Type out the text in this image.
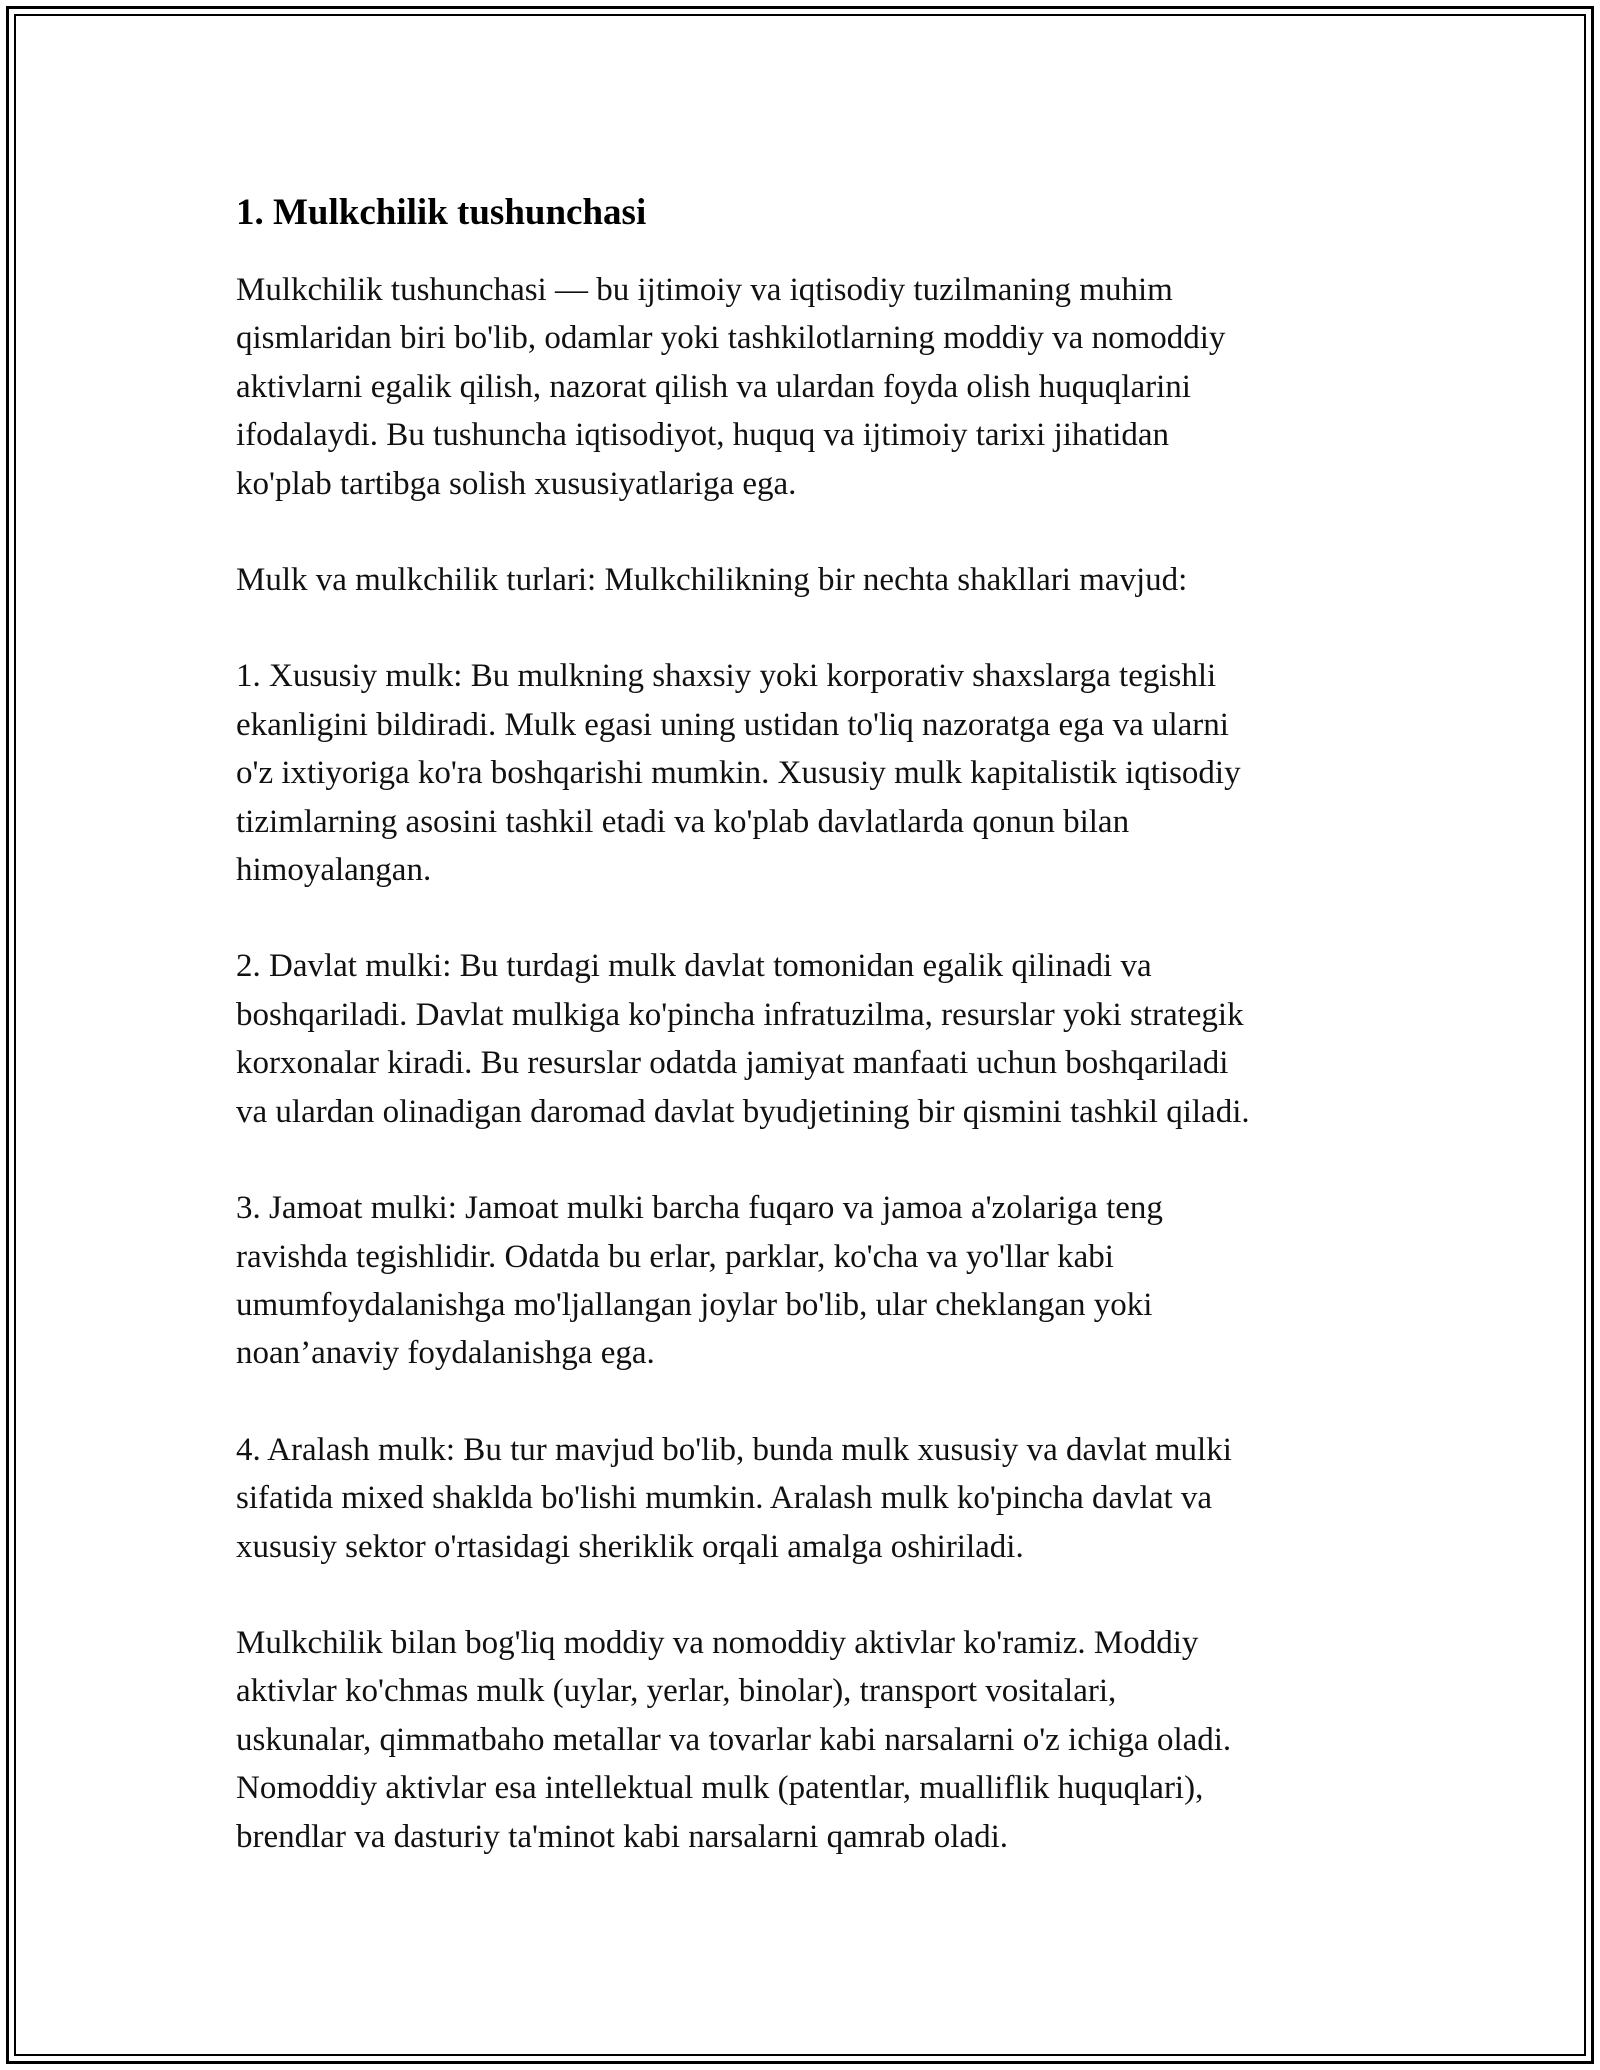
1. Mulkchilik tushunchasi

Mulkchilik tushunchasi — bu ijtimoiy va iqtisodiy tuzilmaning muhim
qismlaridan biri bo'lib, odamlar yoki tashkilotlarning moddiy va nomoddiy
aktivlarni egalik qilish, nazorat qilish va ulardan foyda olish huquqlarini
ifodalaydi. Bu tushuncha iqtisodiyot, huquq va ijtimoiy tarixi jihatidan
ko'plab tartibga solish xususiyatlariga ega.

Mulk va mulkchilik turlari: Mulkchilikning bir nechta shakllari mavjud:

1. Xususiy mulk: Bu mulkning shaxsiy yoki korporativ shaxslarga tegishli
ekanligini bildiradi. Mulk egasi uning ustidan to'liq nazoratga ega va ularni
o'z ixtiyoriga ko'ra boshqarishi mumkin. Xususiy mulk kapitalistik iqtisodiy
tizimlarning asosini tashkil etadi va ko'plab davlatlarda qonun bilan
himoyalangan.

2. Davlat mulki: Bu turdagi mulk davlat tomonidan egalik qilinadi va
boshqariladi. Davlat mulkiga ko'pincha infratuzilma, resurslar yoki strategik
korxonalar kiradi. Bu resurslar odatda jamiyat manfaati uchun boshqariladi
va ulardan olinadigan daromad davlat byudjetining bir qismini tashkil qiladi.

3. Jamoat mulki: Jamoat mulki barcha fuqaro va jamoa a'zolariga teng
ravishda tegishlidir. Odatda bu erlar, parklar, ko'cha va yo'llar kabi
umumfoydalanishga mo'ljallangan joylar bo'lib, ular cheklangan yoki
noan’anaviy foydalanishga ega.

4. Aralash mulk: Bu tur mavjud bo'lib, bunda mulk xususiy va davlat mulki
sifatida mixed shaklda bo'lishi mumkin. Aralash mulk ko'pincha davlat va
xususiy sektor o'rtasidagi sheriklik orqali amalga oshiriladi.

Mulkchilik bilan bog'liq moddiy va nomoddiy aktivlar ko'ramiz. Moddiy
aktivlar ko'chmas mulk (uylar, yerlar, binolar), transport vositalari,
uskunalar, qimmatbaho metallar va tovarlar kabi narsalarni o'z ichiga oladi.
Nomoddiy aktivlar esa intellektual mulk (patentlar, mualliflik huquqlari),
brendlar va dasturiy ta'minot kabi narsalarni qamrab oladi.
